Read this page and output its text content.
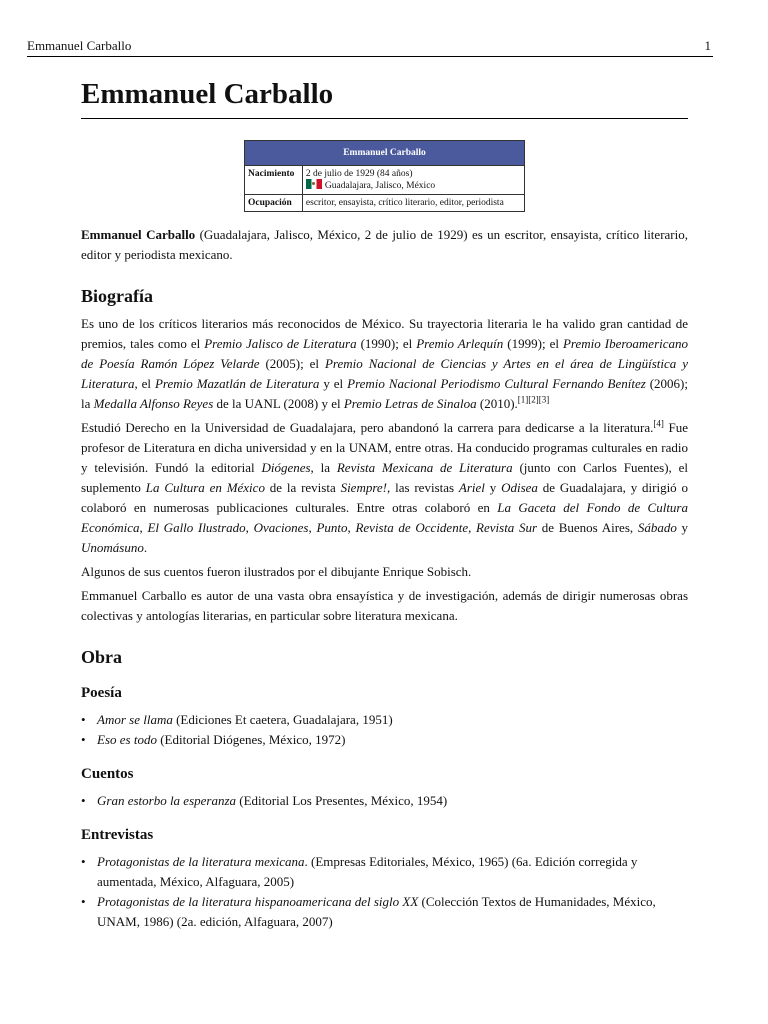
Emmanuel Carballo	1
Emmanuel Carballo
Emmanuel Carballo	
Nacimiento	2 de julio de 1929 (84 años)
Guadalajara, Jalisco, México

Ocupación	escritor, ensayista, crítico literario, editor, periodista

Emmanuel Carballo (Guadalajara, Jalisco, México, 2 de julio de 1929) es un escritor, ensayista, crítico literario, editor y periodista mexicano.

Biografía

Es uno de los críticos literarios más reconocidos de México. Su trayectoria literaria le ha valido gran cantidad de premios, tales como el Premio Jalisco de Literatura (1990); el Premio Arlequín (1999); el Premio Iberoamericano de Poesía Ramón López Velarde (2005); el Premio Nacional de Ciencias y Artes en el área de Lingüística y Literatura, el Premio Mazatlán de Literatura y el Premio Nacional Periodismo Cultural Fernando Benítez (2006); la Medalla Alfonso Reyes de la UANL (2008) y el Premio Letras de Sinaloa (2010).[1][2][3]

Estudió Derecho en la Universidad de Guadalajara, pero abandonó la carrera para dedicarse a la literatura.[4] Fue profesor de Literatura en dicha universidad y en la UNAM, entre otras. Ha conducido programas culturales en radio y televisión. Fundó la editorial Diógenes, la Revista Mexicana de Literatura (junto con Carlos Fuentes), el suplemento La Cultura en México de la revista Siempre!, las revistas Ariel y Odisea de Guadalajara, y dirigió o colaboró en numerosas publicaciones culturales. Entre otras colaboró en La Gaceta del Fondo de Cultura Económica, El Gallo Ilustrado, Ovaciones, Punto, Revista de Occidente, Revista Sur de Buenos Aires, Sábado y Unomásuno.

Algunos de sus cuentos fueron ilustrados por el dibujante Enrique Sobisch.

Emmanuel Carballo es autor de una vasta obra ensayística y de investigación, además de dirigir numerosas obras colectivas y antologías literarias, en particular sobre literatura mexicana.

Obra
Poesía
• Amor se llama (Ediciones Et caetera, Guadalajara, 1951)
• Eso es todo (Editorial Diógenes, México, 1972)
Cuentos
• Gran estorbo la esperanza (Editorial Los Presentes, México, 1954)
Entrevistas
• Protagonistas de la literatura mexicana. (Empresas Editoriales, México, 1965) (6a. Edición corregida y aumentada, México, Alfaguara, 2005)
• Protagonistas de la literatura hispanoamericana del siglo XX (Colección Textos de Humanidades, México, UNAM, 1986) (2a. edición, Alfaguara, 2007)
